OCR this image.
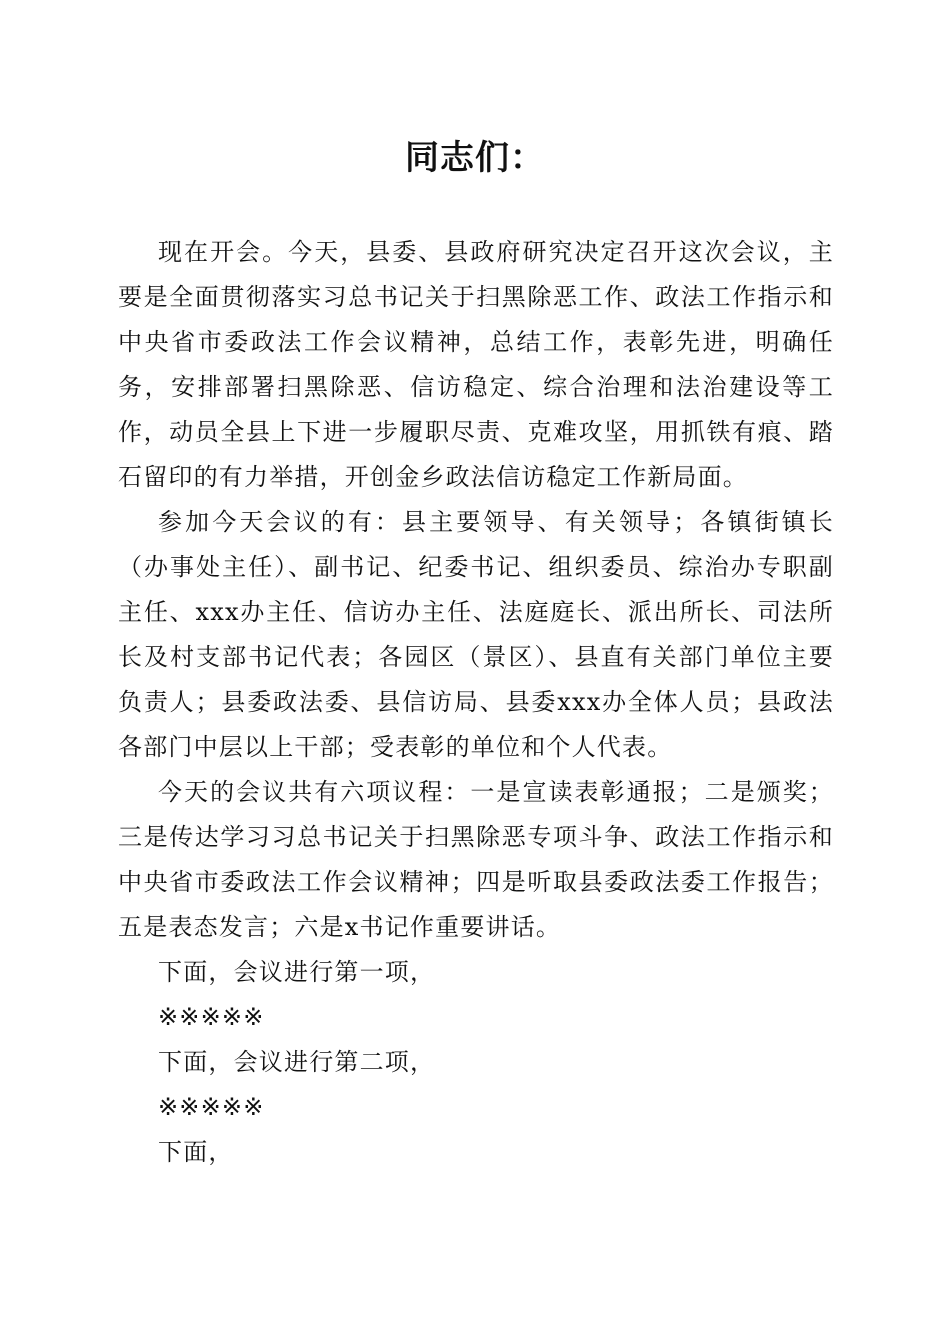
同志们：

现在开会。今天，县委、县政府研究决定召开这次会议，主要是全面贯彻落实习总书记关于扫黑除恶工作、政法工作指示和中央省市委政法工作会议精神，总结工作，表彰先进，明确任务，安排部署扫黑除恶、信访稳定、综合治理和法治建设等工作，动员全县上下进一步履职尽责、克难攻坚，用抓铁有痕、踏石留印的有力举措，开创金乡政法信访稳定工作新局面。

参加今天会议的有：县主要领导、有关领导；各镇街镇长（办事处主任）、副书记、纪委书记、组织委员、综治办专职副主任、xxx办主任、信访办主任、法庭庭长、派出所长、司法所长及村支部书记代表；各园区（景区）、县直有关部门单位主要负责人；县委政法委、县信访局、县委xxx办全体人员；县政法各部门中层以上干部；受表彰的单位和个人代表。

今天的会议共有六项议程：一是宣读表彰通报；二是颁奖；三是传达学习习总书记关于扫黑除恶专项斗争、政法工作指示和中央省市委政法工作会议精神；四是听取县委政法委工作报告；五是表态发言；六是x书记作重要讲话。

下面，会议进行第一项，

※※※※※

下面，会议进行第二项，

※※※※※

下面，
